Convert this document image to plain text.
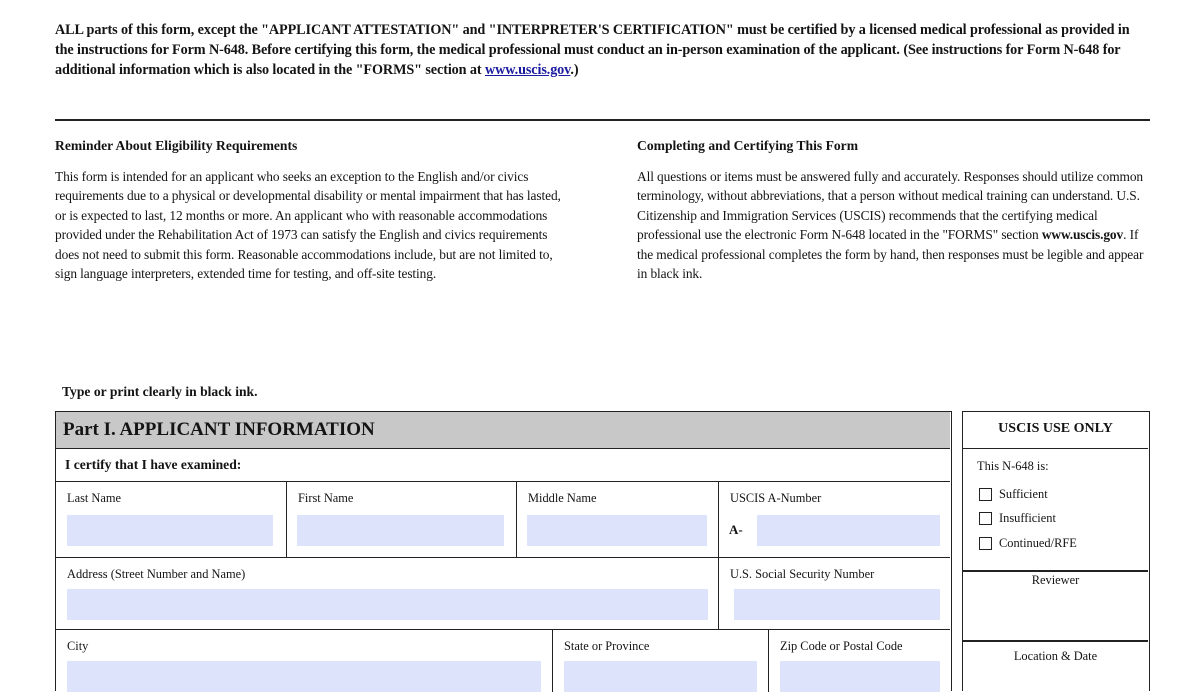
ALL parts of this form, except the "APPLICANT ATTESTATION" and "INTERPRETER'S CERTIFICATION" must be certified by a licensed medical professional as provided in the instructions for Form N-648. Before certifying this form, the medical professional must conduct an in-person examination of the applicant. (See instructions for Form N-648 for additional information which is also located in the "FORMS" section at www.uscis.gov.)
Reminder About Eligibility Requirements
This form is intended for an applicant who seeks an exception to the English and/or civics requirements due to a physical or developmental disability or mental impairment that has lasted, or is expected to last, 12 months or more. An applicant who with reasonable accommodations provided under the Rehabilitation Act of 1973 can satisfy the English and civics requirements does not need to submit this form. Reasonable accommodations include, but are not limited to, sign language interpreters, extended time for testing, and off-site testing.
Completing and Certifying This Form
All questions or items must be answered fully and accurately. Responses should utilize common terminology, without abbreviations, that a person without medical training can understand. U.S. Citizenship and Immigration Services (USCIS) recommends that the certifying medical professional use the electronic Form N-648 located in the "FORMS" section www.uscis.gov. If the medical professional completes the form by hand, then responses must be legible and appear in black ink.
Type or print clearly in black ink.
Part I. APPLICANT INFORMATION
I certify that I have examined:
Last Name	First Name	Middle Name	USCIS A-Number
A-
Address (Street Number and Name)	U.S. Social Security Number
City	State or Province	Zip Code or Postal Code
USCIS USE ONLY
This N-648 is:
Sufficient
Insufficient
Continued/RFE
Reviewer
Location & Date
